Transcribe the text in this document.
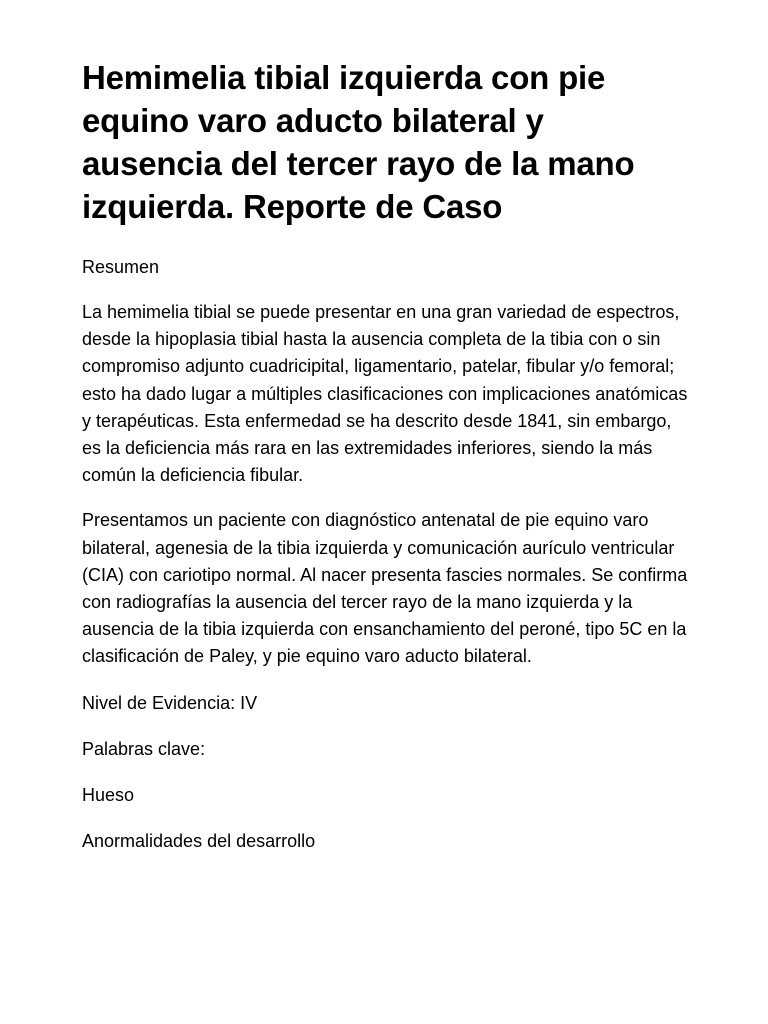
Hemimelia tibial izquierda con pie equino varo aducto bilateral y ausencia del tercer rayo de la mano izquierda. Reporte de Caso

Resumen

La hemimelia tibial se puede presentar en una gran variedad de espectros, desde la hipoplasia tibial hasta la ausencia completa de la tibia con o sin compromiso adjunto cuadricipital, ligamentario, patelar, fibular y/o femoral; esto ha dado lugar a múltiples clasificaciones con implicaciones anatómicas y terapéuticas. Esta enfermedad se ha descrito desde 1841, sin embargo, es la deficiencia más rara en las extremidades inferiores, siendo la más común la deficiencia fibular.

Presentamos un paciente con diagnóstico antenatal de pie equino varo bilateral, agenesia de la tibia izquierda y comunicación aurículo ventricular (CIA) con cariotipo normal. Al nacer presenta fascies normales. Se confirma con radiografías la ausencia del tercer rayo de la mano izquierda y la ausencia de la tibia izquierda con ensanchamiento del peroné, tipo 5C en la clasificación de Paley, y pie equino varo aducto bilateral.

Nivel de Evidencia: IV

Palabras clave:

Hueso

Anormalidades del desarrollo
